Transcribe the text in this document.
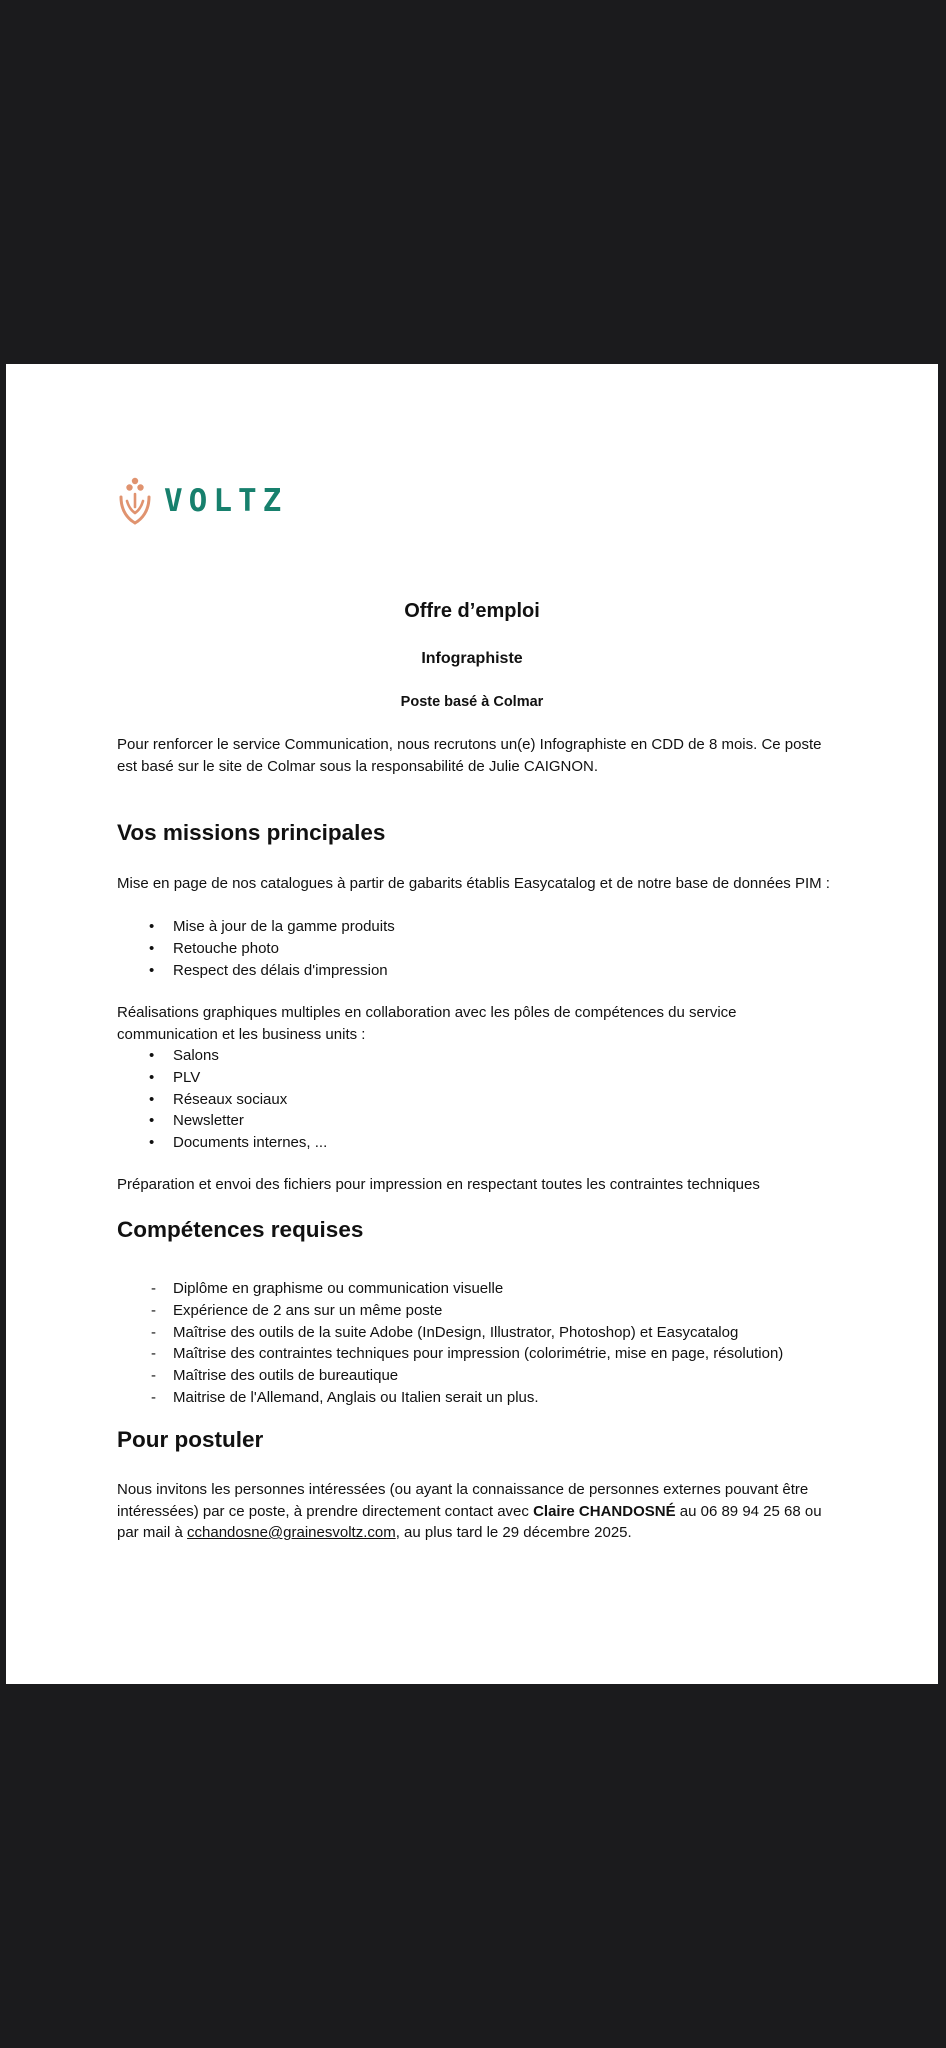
VOLTZ
Offre d’emploi
Infographiste
Poste basé à Colmar

Pour renforcer le service Communication, nous recrutons un(e) Infographiste en CDD de 8 mois. Ce poste est basé sur le site de Colmar sous la responsabilité de Julie CAIGNON.

Vos missions principales

Mise en page de nos catalogues à partir de gabarits établis Easycatalog et de notre base de données PIM :

• Mise à jour de la gamme produits
• Retouche photo
• Respect des délais d'impression

Réalisations graphiques multiples en collaboration avec les pôles de compétences du service communication et les business units :

• Salons
• PLV
• Réseaux sociaux
• Newsletter
• Documents internes, ...

Préparation et envoi des fichiers pour impression en respectant toutes les contraintes techniques

Compétences requises
- Diplôme en graphisme ou communication visuelle
- Expérience de 2 ans sur un même poste
- Maîtrise des outils de la suite Adobe (InDesign, Illustrator, Photoshop) et Easycatalog
- Maîtrise des contraintes techniques pour impression (colorimétrie, mise en page, résolution)
- Maîtrise des outils de bureautique
- Maitrise de l'Allemand, Anglais ou Italien serait un plus.
Pour postuler

Nous invitons les personnes intéressées (ou ayant la connaissance de personnes externes pouvant être intéressées) par ce poste, à prendre directement contact avec Claire CHANDOSNÉ au 06 89 94 25 68 ou par mail à cchandosne@grainesvoltz.com, au plus tard le 29 décembre 2025.
